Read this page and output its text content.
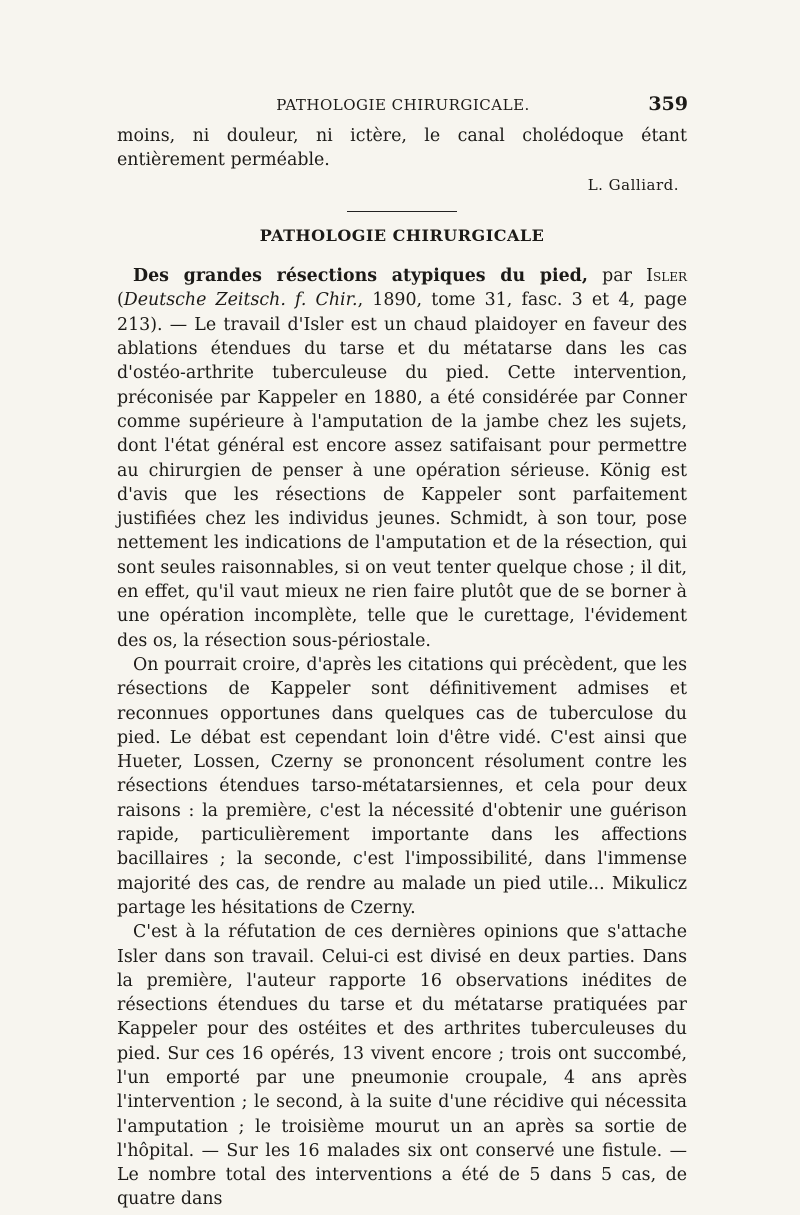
PATHOLOGIE CHIRURGICALE.	359

moins, ni douleur, ni ictère, le canal cholédoque étant entièrement perméable.

L. Galliard.
PATHOLOGIE CHIRURGICALE

Des grandes résections atypiques du pied, par Isler (Deutsche Zeitsch. f. Chir., 1890, tome 31, fasc. 3 et 4, page 213). — Le travail d'Isler est un chaud plaidoyer en faveur des ablations étendues du tarse et du métatarse dans les cas d'ostéo-arthrite tuberculeuse du pied. Cette intervention, préconisée par Kappeler en 1880, a été considérée par Conner comme supérieure à l'amputation de la jambe chez les sujets, dont l'état général est encore assez satifaisant pour permettre au chirurgien de penser à une opération sérieuse. König est d'avis que les résections de Kappeler sont parfaitement justifiées chez les individus jeunes. Schmidt, à son tour, pose nettement les indications de l'amputation et de la résection, qui sont seules raisonnables, si on veut tenter quelque chose ; il dit, en effet, qu'il vaut mieux ne rien faire plutôt que de se borner à une opération incomplète, telle que le curettage, l'évidement des os, la résection sous-périostale.

On pourrait croire, d'après les citations qui précèdent, que les résections de Kappeler sont définitivement admises et reconnues opportunes dans quelques cas de tuberculose du pied. Le débat est cependant loin d'être vidé. C'est ainsi que Hueter, Lossen, Czerny se prononcent résolument contre les résections étendues tarso-métatarsiennes, et cela pour deux raisons : la première, c'est la nécessité d'obtenir une guérison rapide, particulièrement importante dans les affections bacillaires ; la seconde, c'est l'impossibilité, dans l'immense majorité des cas, de rendre au malade un pied utile... Mikulicz partage les hésitations de Czerny.

C'est à la réfutation de ces dernières opinions que s'attache Isler dans son travail. Celui-ci est divisé en deux parties. Dans la première, l'auteur rapporte 16 observations inédites de résections étendues du tarse et du métatarse pratiquées par Kappeler pour des ostéites et des arthrites tuberculeuses du pied. Sur ces 16 opérés, 13 vivent encore ; trois ont succombé, l'un emporté par une pneumonie croupale, 4 ans après l'intervention ; le second, à la suite d'une récidive qui nécessita l'amputation ; le troisième mourut un an après sa sortie de l'hôpital. — Sur les 16 malades six ont conservé une fistule. — Le nombre total des interventions a été de 5 dans 5 cas, de quatre dans
